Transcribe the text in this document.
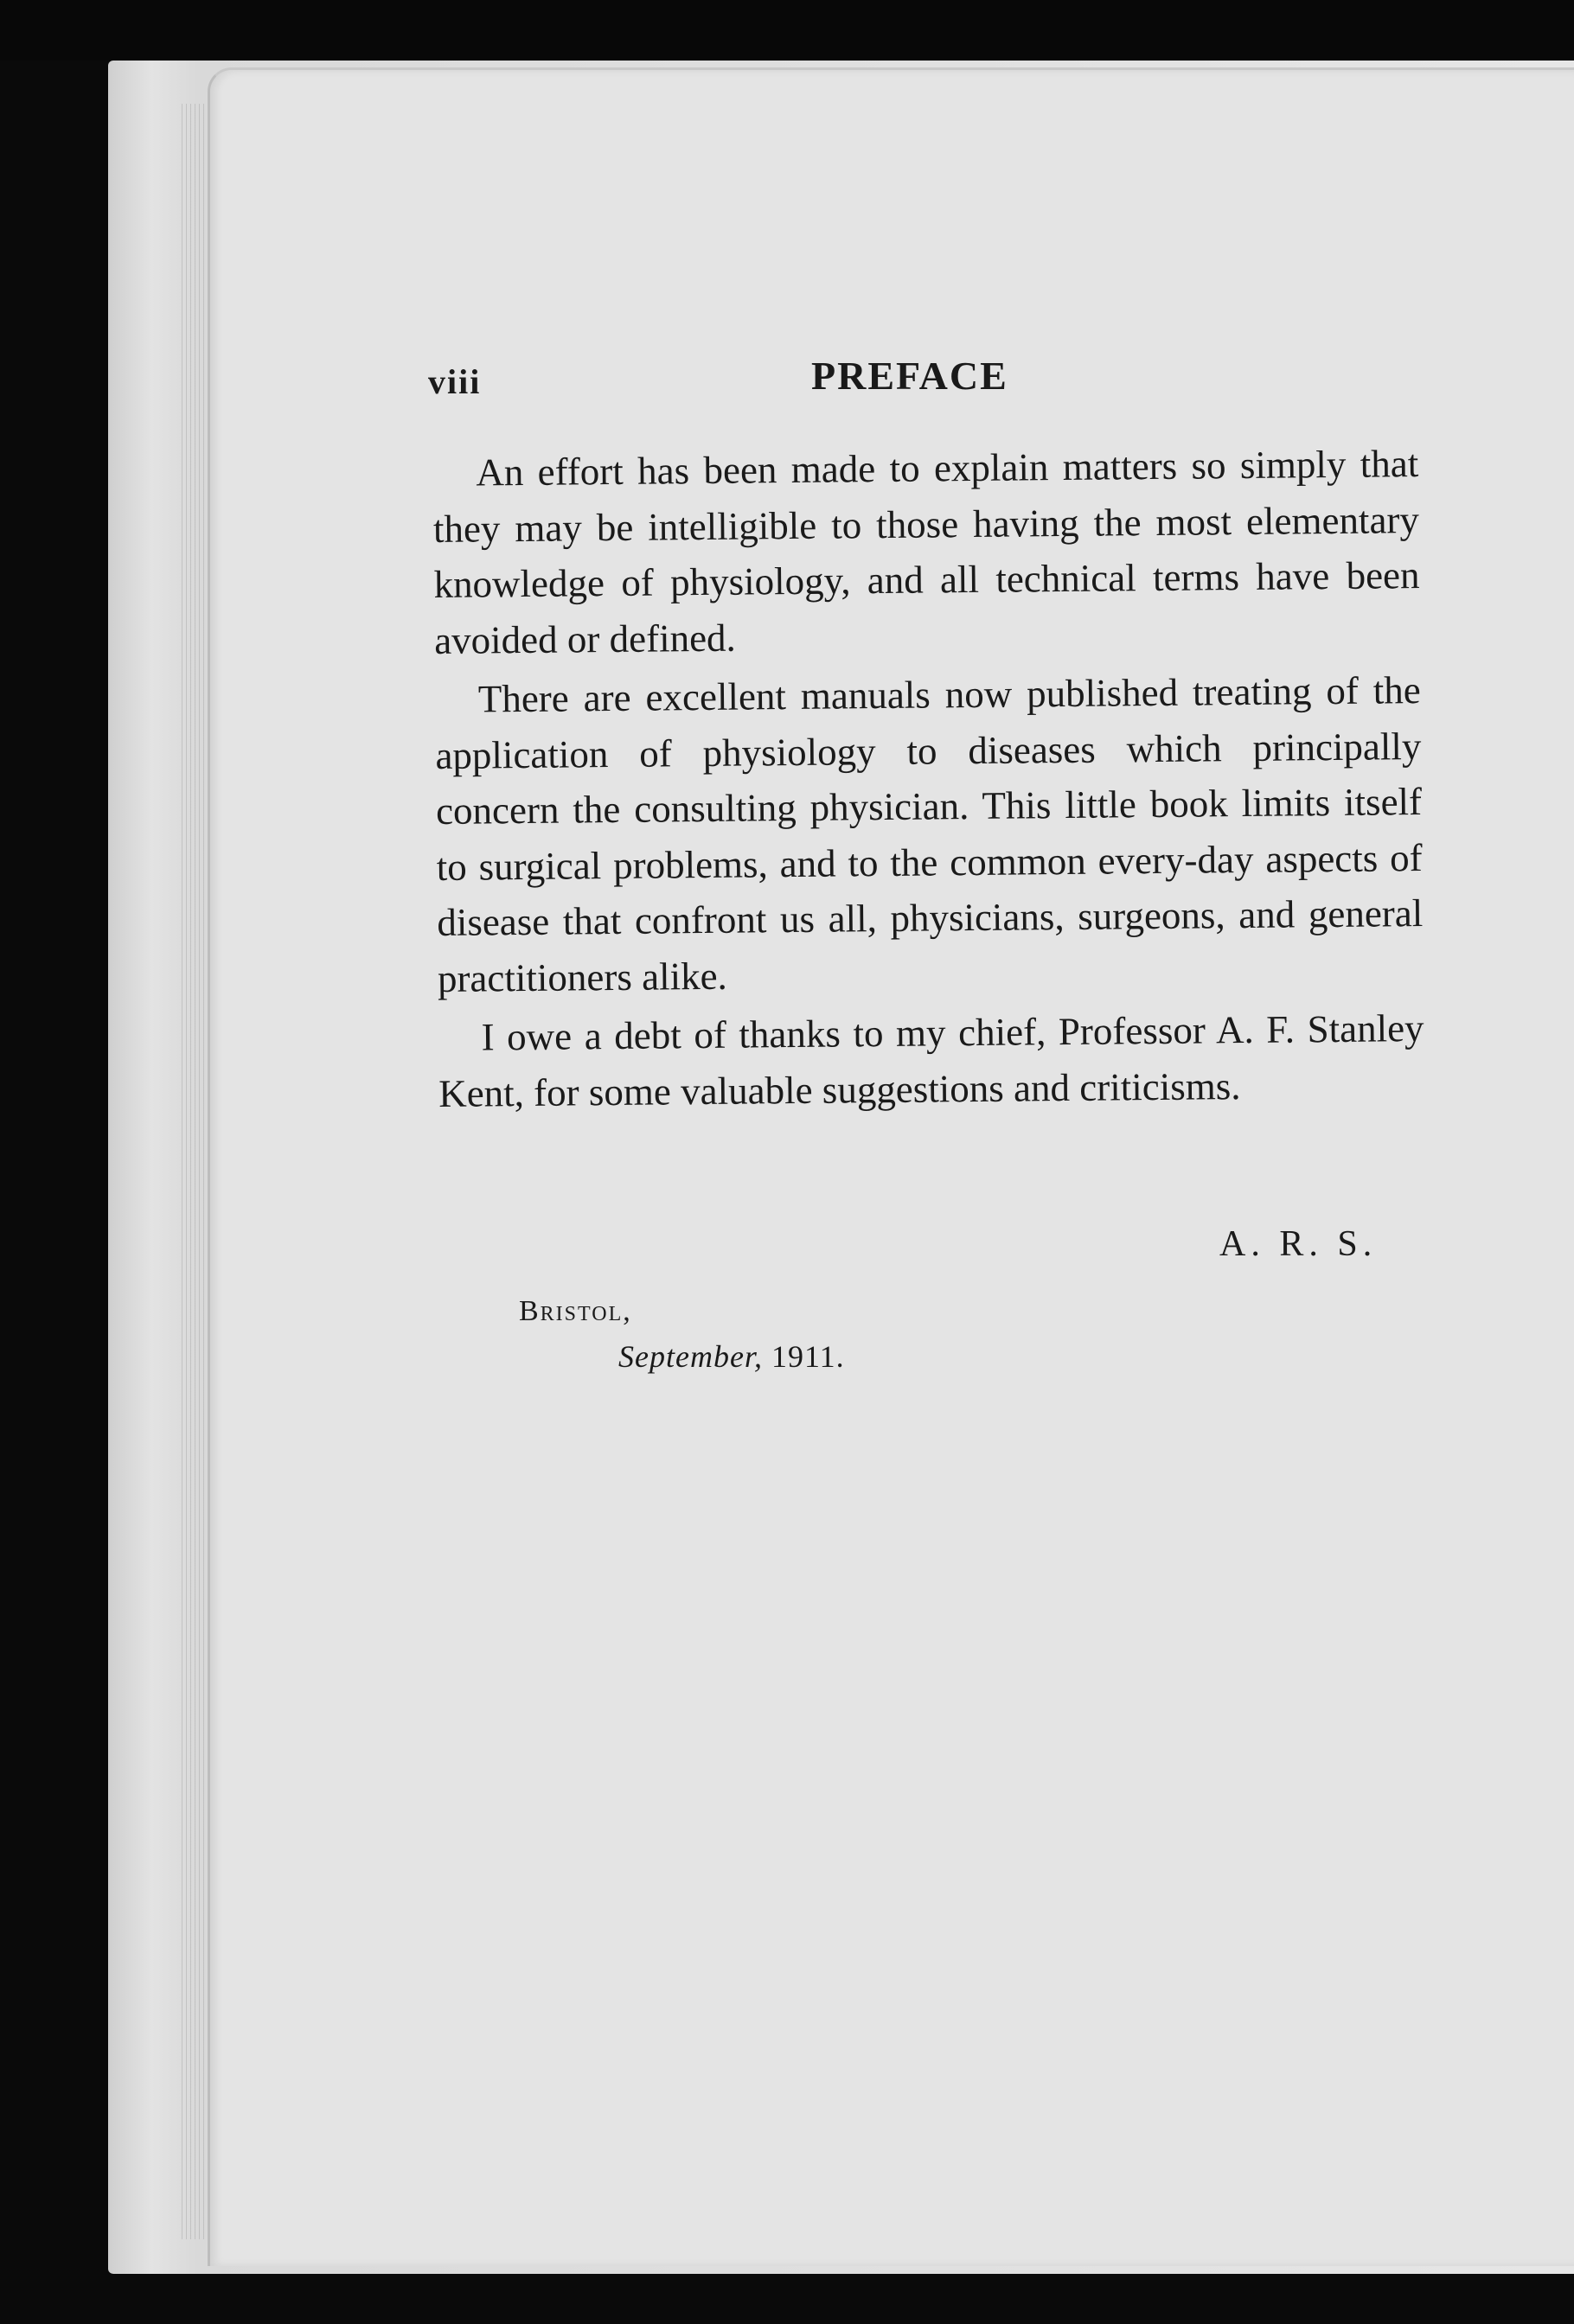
viii	PREFACE

An effort has been made to explain matters so simply that they may be intelligible to those having the most elementary knowledge of physiology, and all technical terms have been avoided or defined.

There are excellent manuals now published treating of the application of physiology to diseases which principally concern the consulting physician. This little book limits itself to surgical problems, and to the common every-day aspects of disease that confront us all, physicians, surgeons, and general practitioners alike.

I owe a debt of thanks to my chief, Professor A. F. Stanley Kent, for some valuable suggestions and criticisms.

A. R. S.
Bristol,
September, 1911.
